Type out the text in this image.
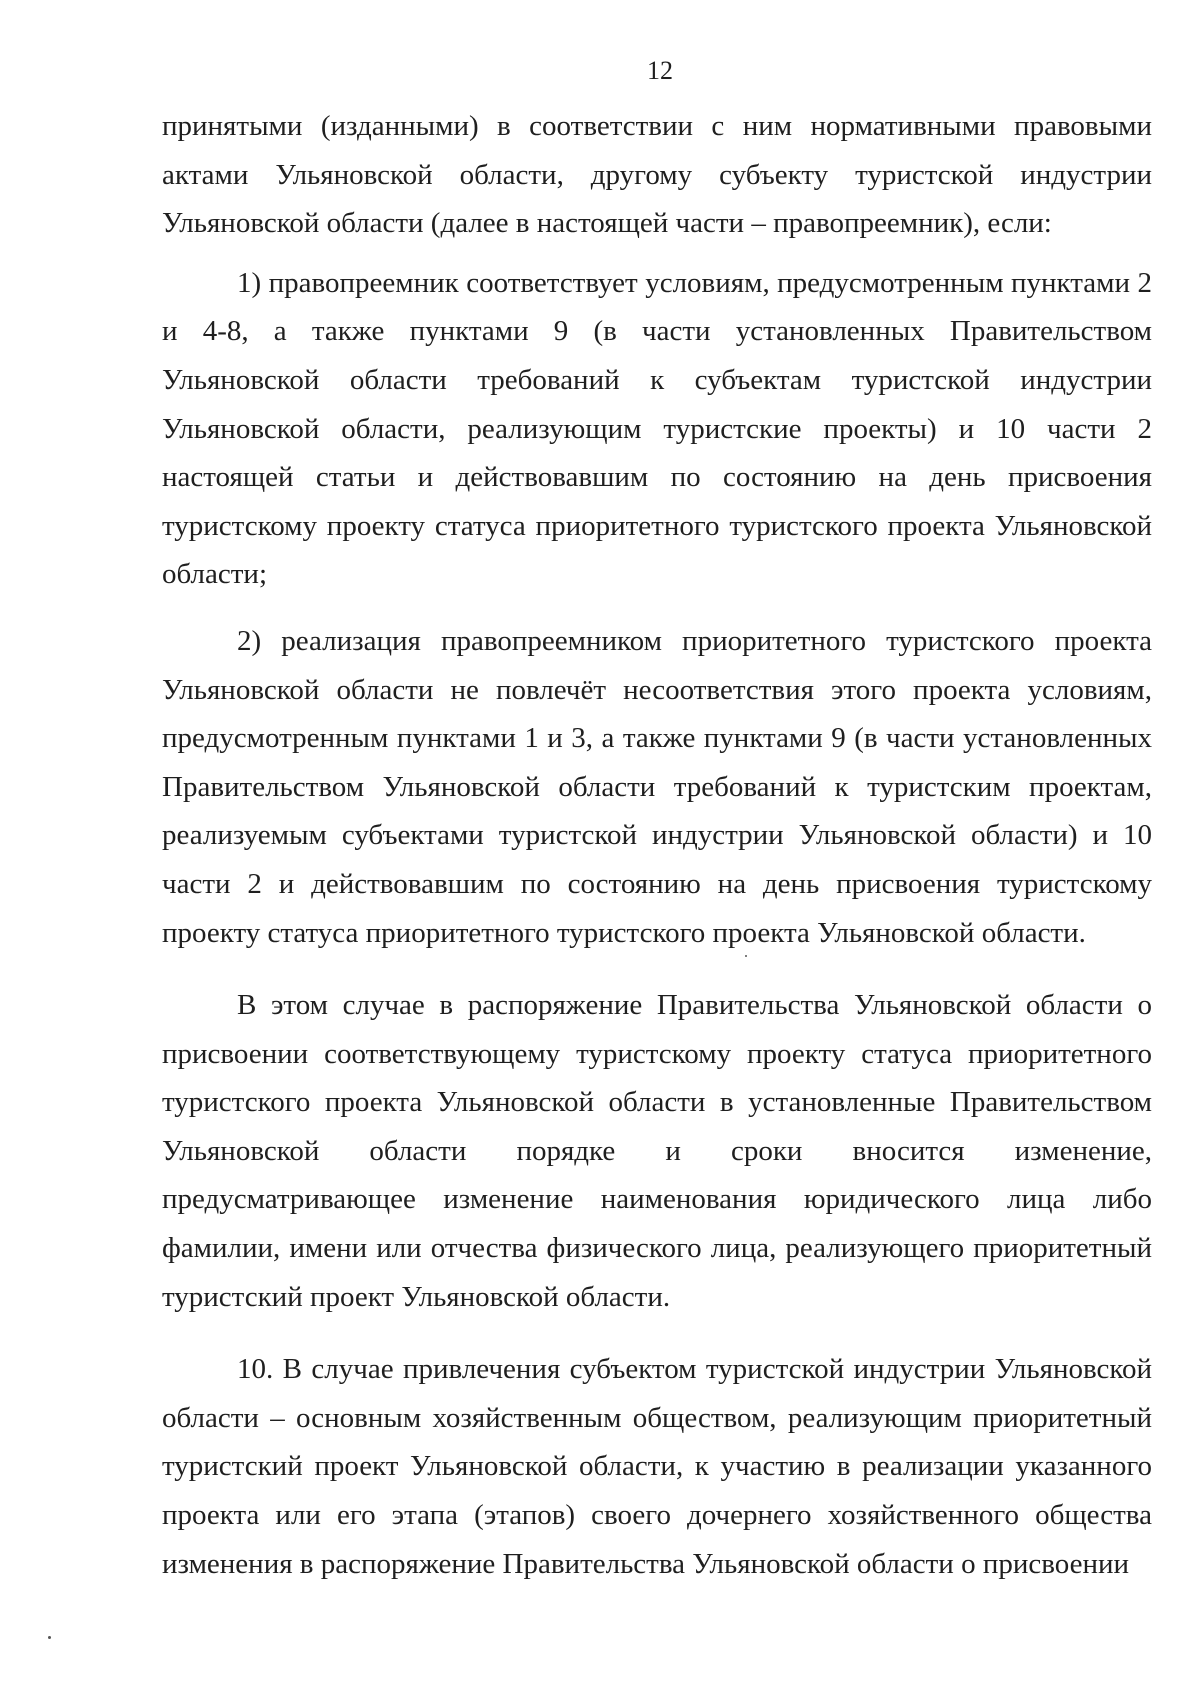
12

принятыми (изданными) в соответствии с ним нормативными правовыми актами Ульяновской области, другому субъекту туристской индустрии Ульяновской области (далее в настоящей части – правопреемник), если:

1) правопреемник соответствует условиям, предусмотренным пунктами 2 и 4-8, а также пунктами 9 (в части установленных Правительством Ульяновской области требований к субъектам туристской индустрии Ульяновской области, реализующим туристские проекты) и 10 части 2 настоящей статьи и действовавшим по состоянию на день присвоения туристскому проекту статуса приоритетного туристского проекта Ульяновской области;

2) реализация правопреемником приоритетного туристского проекта Ульяновской области не повлечёт несоответствия этого проекта условиям, предусмотренным пунктами 1 и 3, а также пунктами 9 (в части установленных Правительством Ульяновской области требований к туристским проектам, реализуемым субъектами туристской индустрии Ульяновской области) и 10 части 2 и действовавшим по состоянию на день присвоения туристскому проекту статуса приоритетного туристского проекта Ульяновской области.

В этом случае в распоряжение Правительства Ульяновской области о присвоении соответствующему туристскому проекту статуса приоритетного туристского проекта Ульяновской области в установленные Правительством Ульяновской области порядке и сроки вносится изменение, предусматривающее изменение наименования юридического лица либо фамилии, имени или отчества физического лица, реализующего приоритетный туристский проект Ульяновской области.

10. В случае привлечения субъектом туристской индустрии Ульяновской области – основным хозяйственным обществом, реализующим приоритетный туристский проект Ульяновской области, к участию в реализации указанного проекта или его этапа (этапов) своего дочернего хозяйственного общества изменения в распоряжение Правительства Ульяновской области о присвоении
